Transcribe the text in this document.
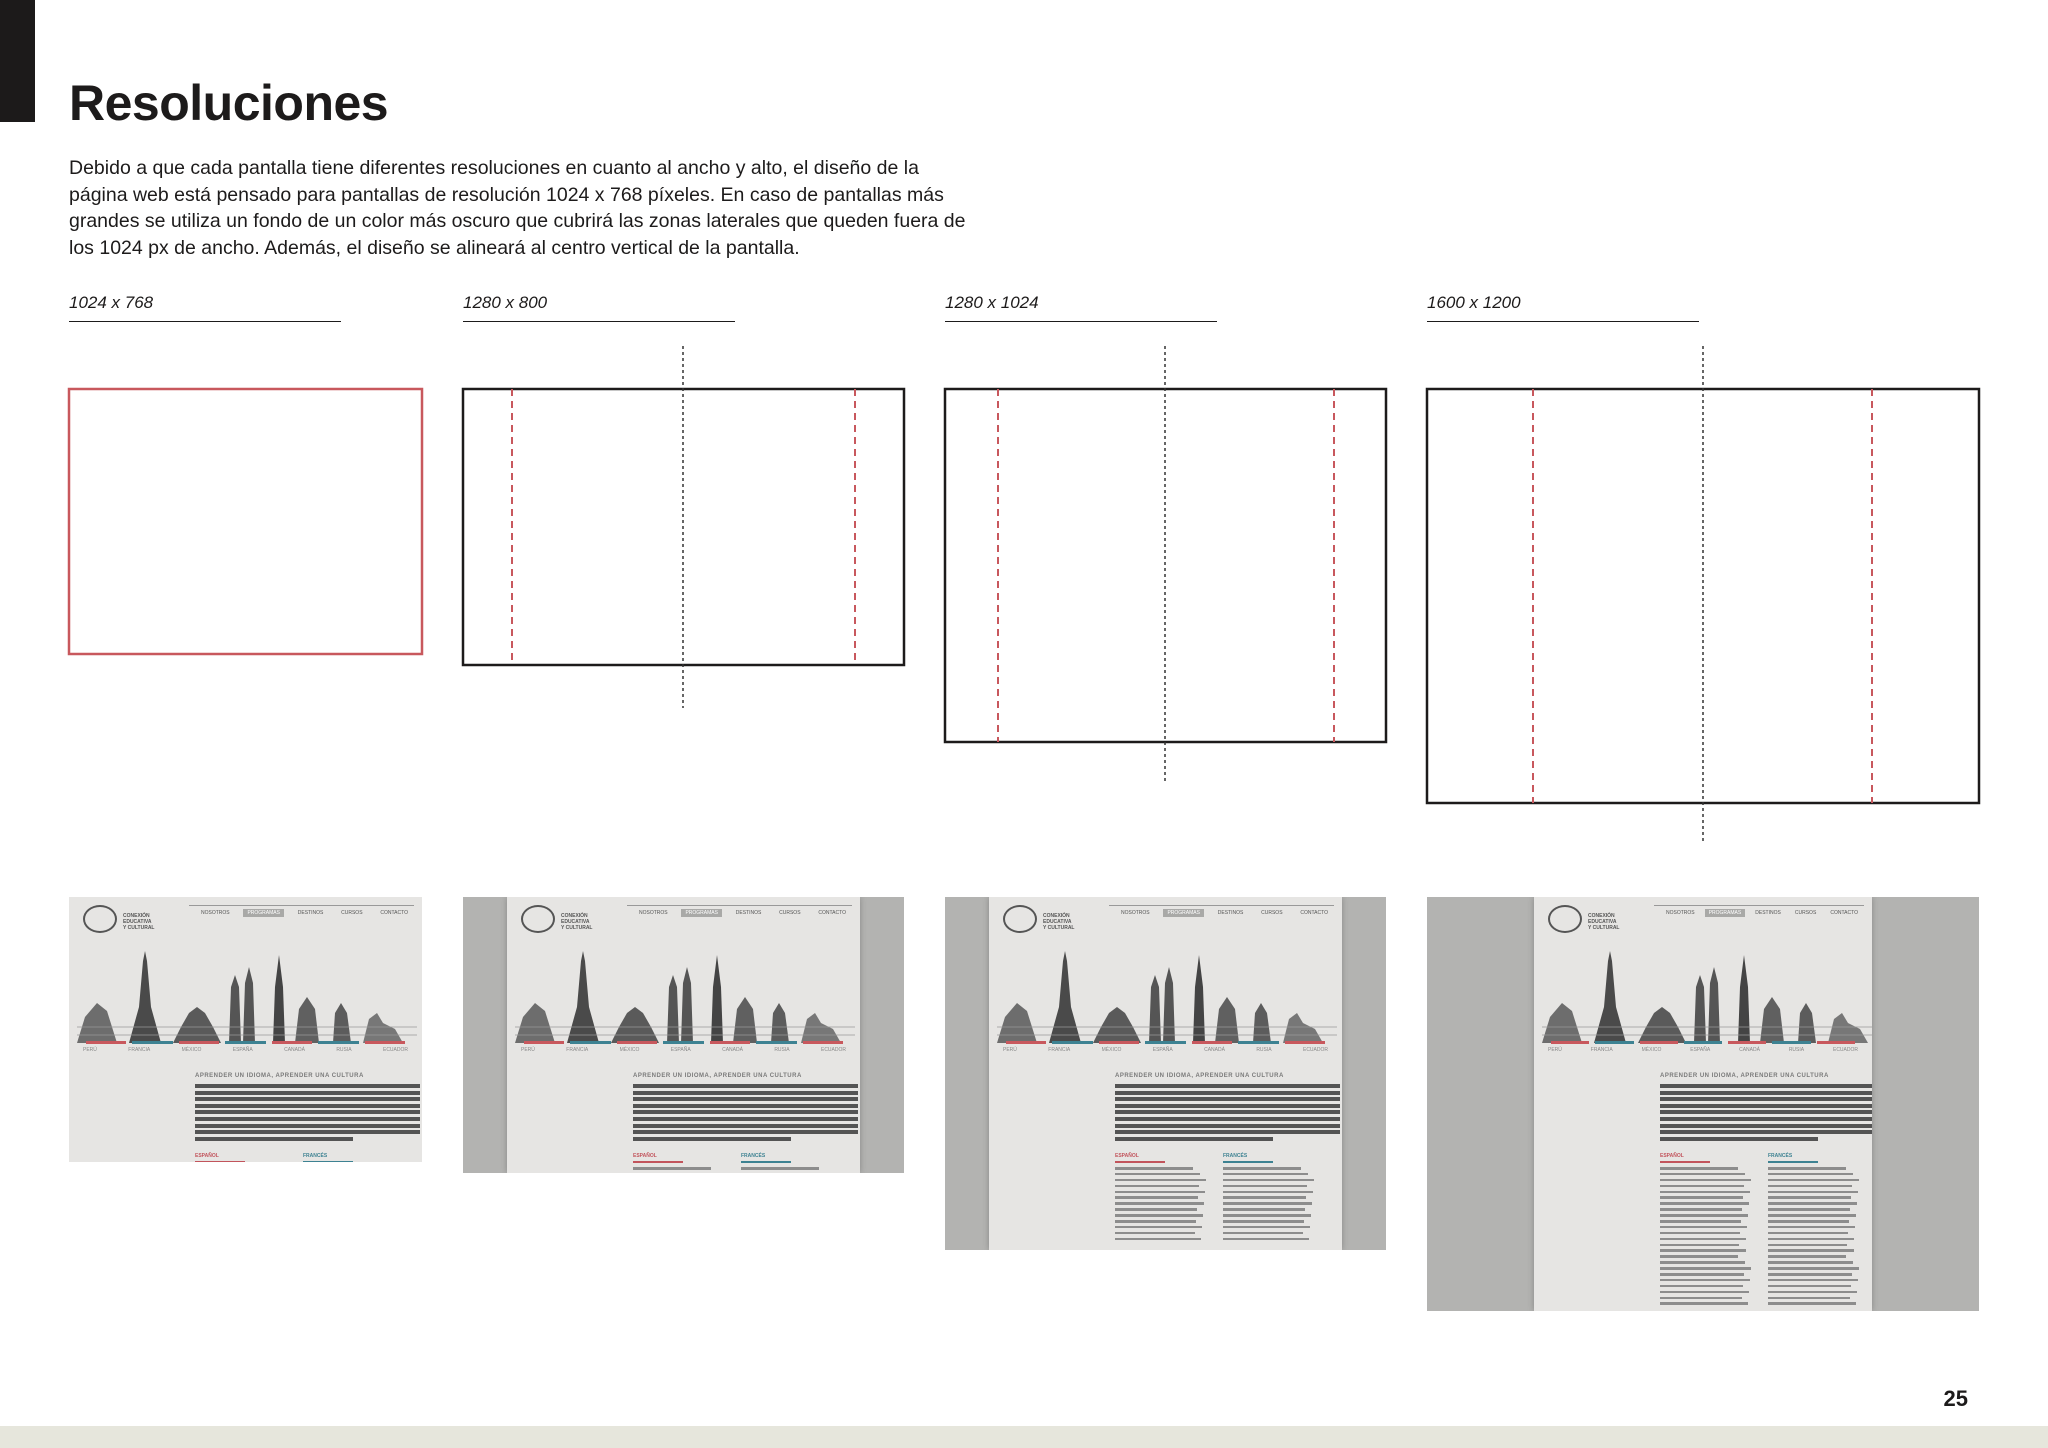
Resoluciones

Debido a que cada pantalla tiene diferentes resoluciones en cuanto al ancho y alto, el diseño de la
página web está pensado para pantallas de resolución 1024 x 768 píxeles. En caso de pantallas más
grandes se utiliza un fondo de un color más oscuro que cubrirá las zonas laterales que queden fuera de
los 1024 px de ancho. Además, el diseño se alineará al centro vertical de la pantalla.

1024 x 768	1280 x 800	1280 x 1024	1600 x 1200
CONEXIÓN
EDUCATIVA
Y CULTURAL
NOSOTROS	PROGRAMAS	DESTINOS	CURSOS	CONTACTO
PERÚ	FRANCIA	MÉXICO	ESPAÑA	CANADÁ	RUSIA	ECUADOR
APRENDER UN IDIOMA, APRENDER UNA CULTURA
ESPAÑOL	FRANCÉS
CONEXIÓN
EDUCATIVA
Y CULTURAL
NOSOTROS	PROGRAMAS	DESTINOS	CURSOS	CONTACTO
PERÚ	FRANCIA	MÉXICO	ESPAÑA	CANADÁ	RUSIA	ECUADOR
APRENDER UN IDIOMA, APRENDER UNA CULTURA
ESPAÑOL	FRANCÉS
CONEXIÓN
EDUCATIVA
Y CULTURAL
NOSOTROS	PROGRAMAS	DESTINOS	CURSOS	CONTACTO
PERÚ	FRANCIA	MÉXICO	ESPAÑA	CANADÁ	RUSIA	ECUADOR
APRENDER UN IDIOMA, APRENDER UNA CULTURA
ESPAÑOL	FRANCÉS
CONEXIÓN
EDUCATIVA
Y CULTURAL
NOSOTROS	PROGRAMAS	DESTINOS	CURSOS	CONTACTO
PERÚ	FRANCIA	MÉXICO	ESPAÑA	CANADÁ	RUSIA	ECUADOR
APRENDER UN IDIOMA, APRENDER UNA CULTURA
ESPAÑOL	FRANCÉS
25
